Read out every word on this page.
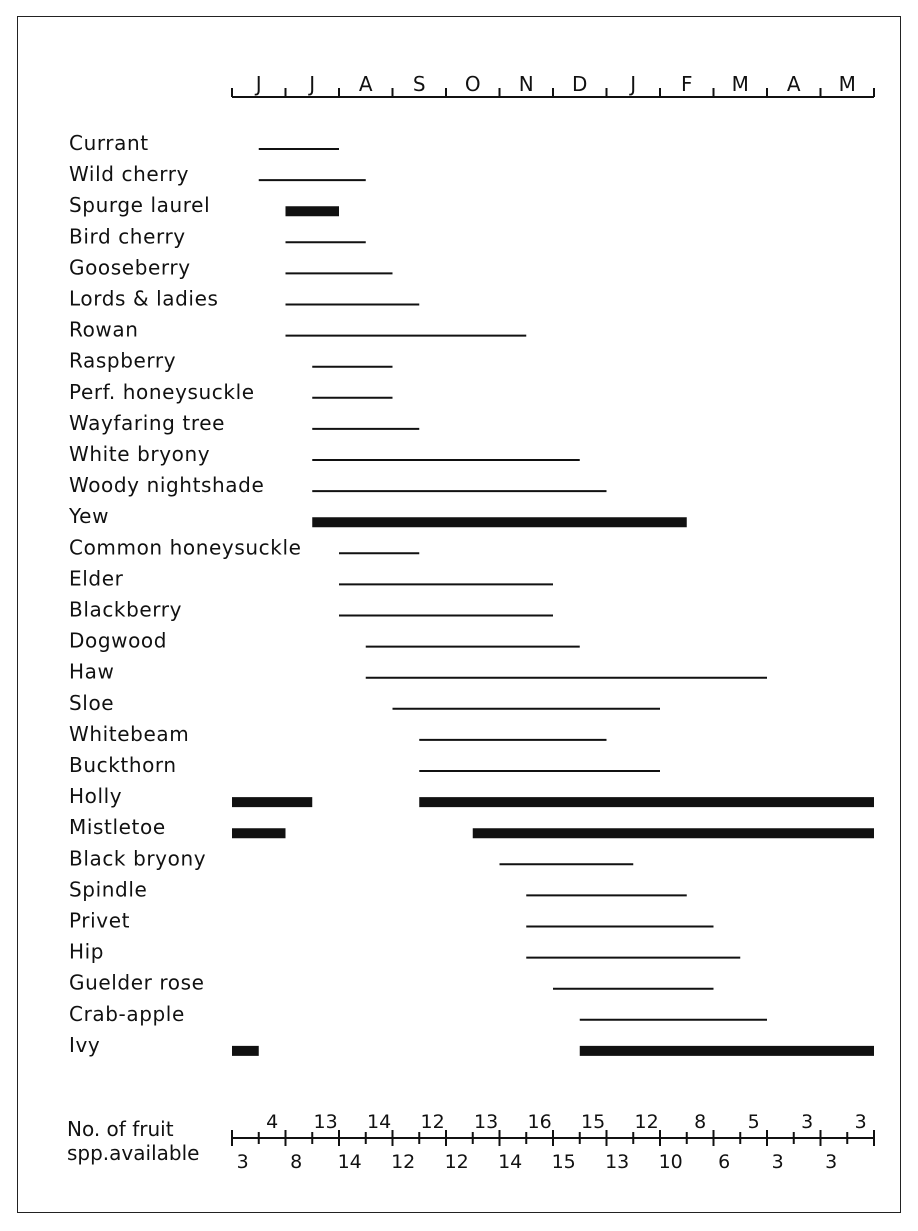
J J A S O N D J F M A M
Currant
Wild cherry
Spurge laurel
Bird cherry
Gooseberry
Lords & ladies
Rowan
Raspberry
Perf. honeysuckle
Wayfaring tree
White bryony
Woody nightshade
Yew
Common honeysuckle
Elder
Blackberry
Dogwood
Haw
Sloe
Whitebeam
Buckthorn
Holly
Mistletoe
Black bryony
Spindle
Privet
Hip
Guelder rose
Crab-apple
Ivy
4 13 14 12 13 16 15 12 8 5 3 3
3 8 14 12 12 14 15 13 10 6 3 3
No. of fruit
spp.available
